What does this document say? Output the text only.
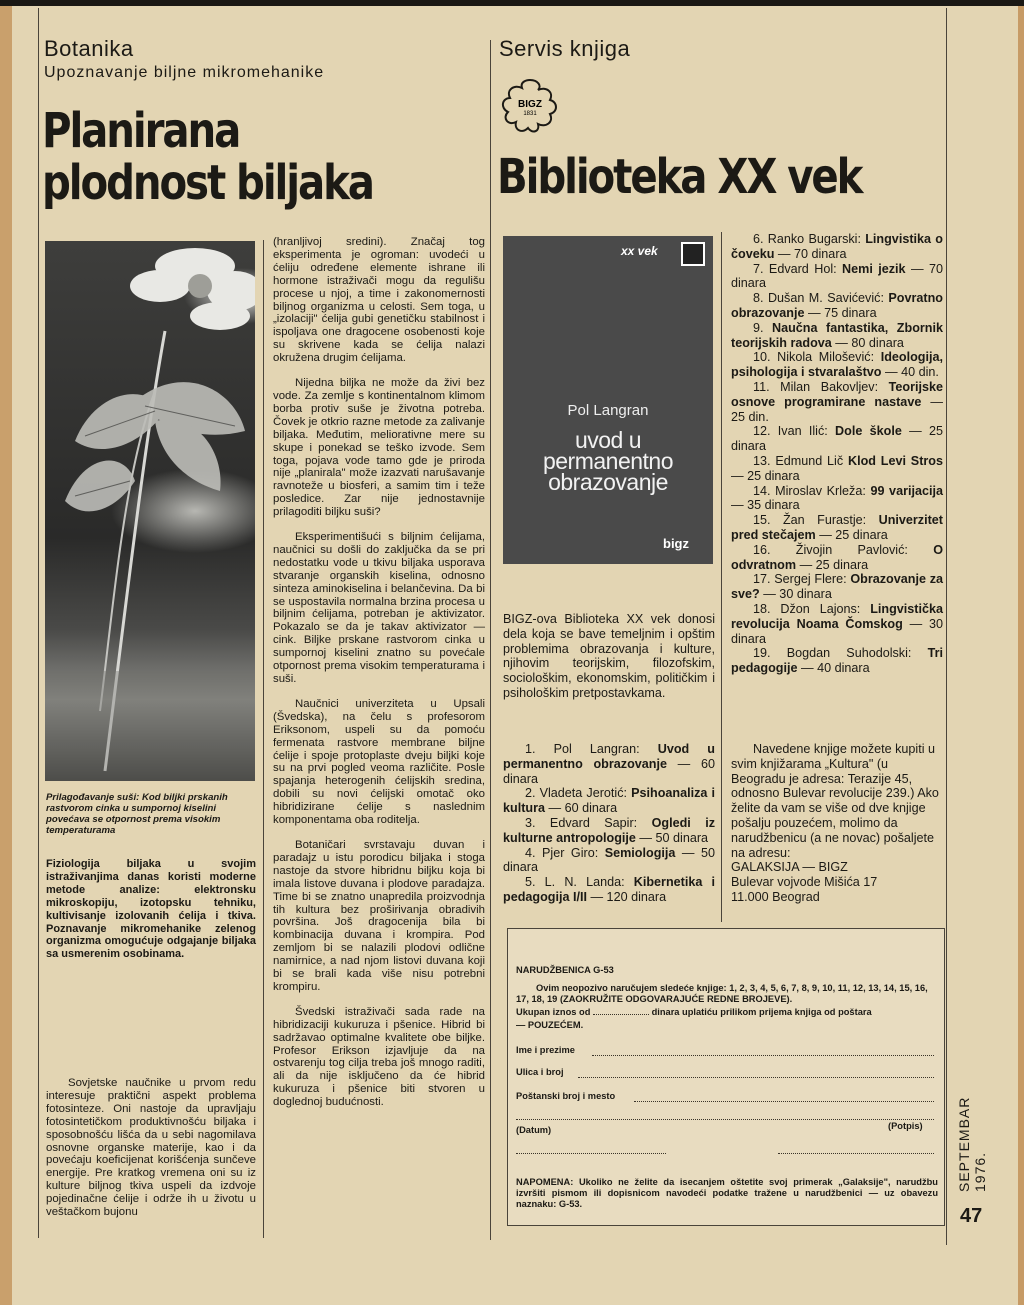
Botanika
Upoznavanje biljne mikromehanike
Planirana
plodnost biljaka
Prilagođavanje suši: Kod biljki prskanih rastvorom cinka u sumpornoj kiselini povećava se otpornost prema visokim temperaturama
Fiziologija biljaka u svojim istraživanjima danas koristi moderne metode analize: elektronsku mikroskopiju, izotopsku tehniku, kultivisanje izolovanih ćelija i tkiva. Poznavanje mikromehanike zelenog organizma omogućuje odgajanje biljaka sa usmerenim osobinama.

Sovjetske naučnike u prvom redu interesuje praktični aspekt problema fotosinteze. Oni nastoje da upravljaju fotosintetičkom produktivnošću biljaka i sposobnošću lišća da u sebi nagomilava osnovne organske materije, kao i da povećaju koeficijenat korišćenja sunčeve energije. Pre kratkog vremena oni su iz kulture biljnog tkiva uspeli da izdvoje pojedinačne ćelije i održe ih u životu u veštačkom bujonu

(hranljivoj sredini). Značaj tog eksperimenta je ogroman: uvodeći u ćeliju određene elemente ishrane ili hormone istraživači mogu da regulišu procese u njoj, a time i zakonomernosti biljnog organizma u celosti. Sem toga, u „izolaciji" ćelija gubi genetičku stabilnost i ispoljava one dragocene osobenosti koje su skrivene kada se ćelija nalazi okružena drugim ćelijama.

Nijedna biljka ne može da živi bez vode. Za zemlje s kontinentalnom klimom borba protiv suše je životna potreba. Čovek je otkrio razne metode za zalivanje biljaka. Međutim, meliorativne mere su skupe i ponekad se teško izvode. Sem toga, pojava vode tamo gde je priroda nije „planirala" može izazvati narušavanje ravnoteže u biosferi, a samim tim i teže posledice. Zar nije jednostavnije prilagoditi biljku suši?

Eksperimentišući s biljnim ćelijama, naučnici su došli do zaključka da se pri nedostatku vode u tkivu biljaka usporava stvaranje organskih kiselina, odnosno sinteza aminokiselina i belančevina. Da bi se uspostavila normalna brzina procesa u biljnim ćelijama, potreban je aktivizator. Pokazalo se da je takav aktivizator — cink. Biljke prskane rastvorom cinka u sumpornoj kiselini znatno su povećale otpornost prema visokim temperaturama i suši.

Naučnici univerziteta u Upsali (Švedska), na čelu s profesorom Eriksonom, uspeli su da pomoću fermenata rastvore membrane biljne ćelije i spoje protoplaste dveju biljki koje su na prvi pogled veoma različite. Posle spajanja heterogenih ćelijskih sredina, dobili su novi ćelijski omotač oko hibridizirane ćelije s naslednim komponentama oba roditelja.

Botaničari svrstavaju duvan i paradajz u istu porodicu biljaka i stoga nastoje da stvore hibridnu biljku koja bi imala listove duvana i plodove paradajza. Time bi se znatno unapredila proizvodnja tih kultura bez proširivanja obradivih površina. Još dragocenija bila bi kombinacija duvana i krompira. Pod zemljom bi se nalazili plodovi odlične namirnice, a nad njom listovi duvana koji bi se brali kada više nisu potrebni krompiru.

Švedski istraživači sada rade na hibridizaciji kukuruza i pšenice. Hibrid bi sadržavao optimalne kvalitete obe biljke. Profesor Erikson izjavljuje da na ostvarenju tog cilja treba još mnogo raditi, ali da nije isključeno da će hibrid kukuruza i pšenice biti stvoren u doglednoj budućnosti.

Servis knjiga
BIGZ
1831
Biblioteka XX vek
xx vek
Pol Langran
uvod u
permanentno
obrazovanje
bigz
BIGZ-ova Biblioteka XX vek donosi dela koja se bave temeljnim i opštim problemima obrazovanja i kulture, njihovim teorijskim, filozofskim, sociološkim, ekonomskim, političkim i psihološkim pretpostavkama.
1. Pol Langran: Uvod u permanentno obrazovanje — 60 dinara
2. Vladeta Jerotić: Psihoanaliza i kultura — 60 dinara
3. Edvard Sapir: Ogledi iz kulturne antropologije — 50 dinara
4. Pjer Giro: Semiologija — 50 dinara
5. L. N. Landa: Kibernetika i pedagogija I/II — 120 dinara
6. Ranko Bugarski: Lingvistika o čoveku — 70 dinara
7. Edvard Hol: Nemi jezik — 70 dinara
8. Dušan M. Savićević: Povratno obrazovanje — 75 dinara
9. Naučna fantastika, Zbornik teorijskih radova — 80 dinara
10. Nikola Milošević: Ideologija, psihologija i stvaralaštvo — 40 din.
11. Milan Bakovljev: Teorijske osnove programirane nastave — 25 din.
12. Ivan Ilić: Dole škole — 25 dinara
13. Edmund Lič Klod Levi Stros — 25 dinara
14. Miroslav Krleža: 99 varijacija — 35 dinara
15. Žan Furastje: Univerzitet pred stečajem — 25 dinara
16. Živojin Pavlović: O odvratnom — 25 dinara
17. Sergej Flere: Obrazovanje za sve? — 30 dinara
18. Džon Lajons: Lingvistička revolucija Noama Čomskog — 30 dinara
19. Bogdan Suhodolski: Tri pedagogije — 40 dinara
Navedene knjige možete kupiti u svim knjižarama „Kultura" (u Beogradu je adresa: Terazije 45, odnosno Bulevar revolucije 239.) Ako želite da vam se više od dve knjige pošalju pouzećem, molimo da narudžbenicu (a ne novac) pošaljete na adresu:
GALAKSIJA — BIGZ
Bulevar vojvode Mišića 17
11.000 Beograd
NARUDŽBENICA G-53
Ovim neopozivo naručujem sledeće knjige: 1, 2, 3, 4, 5, 6, 7, 8, 9, 10, 11, 12, 13, 14, 15, 16, 17, 18, 19 (ZAOKRUŽITE ODGOVARAJUĆE REDNE BROJEVE).
Ukupan iznos od	dinara uplatiću prilikom prijema knjiga od poštara
— POUZEĆEM.
Ime i prezime
Ulica i broj
Poštanski broj i mesto
(Datum)	(Potpis)
NAPOMENA: Ukoliko ne želite da isecanjem oštetite svoj primerak „Galaksije", narudžbu izvršiti pismom ili dopisnicom navodeći podatke tražene u narudžbenici — uz obavezu naznaku: G-53.
SEPTEMBAR 1976.
47
